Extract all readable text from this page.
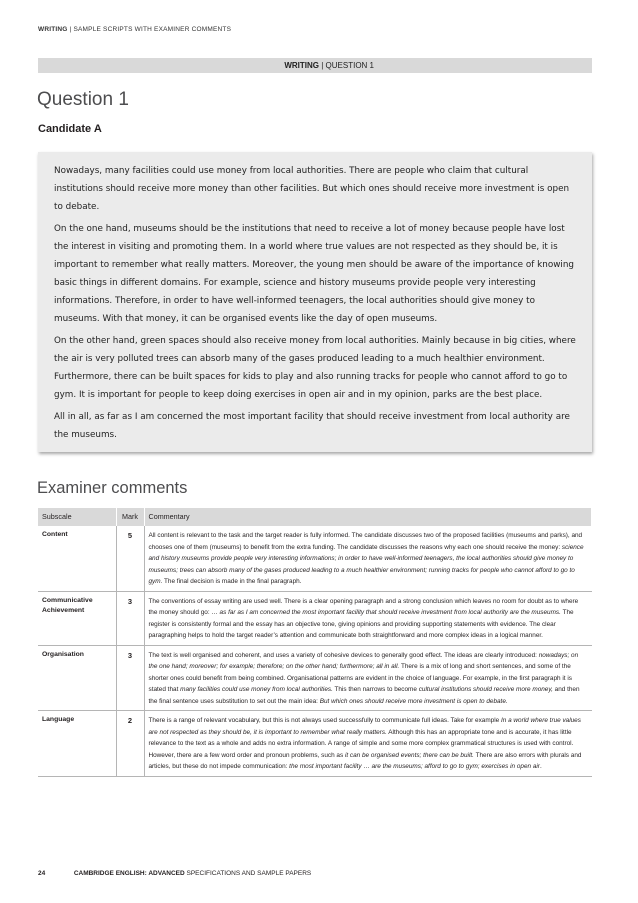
WRITING | SAMPLE SCRIPTS WITH EXAMINER COMMENTS
WRITING | QUESTION 1
Question 1
Candidate A

Nowadays, many facilities could use money from local authorities. There are people who claim that cultural institutions should receive more money than other facilities. But which ones should receive more investment is open to debate.

On the one hand, museums should be the institutions that need to receive a lot of money because people have lost the interest in visiting and promoting them. In a world where true values are not respected as they should be, it is important to remember what really matters. Moreover, the young men should be aware of the importance of knowing basic things in different domains. For example, science and history museums provide people very interesting informations. Therefore, in order to have well-informed teenagers, the local authorities should give money to museums. With that money, it can be organised events like the day of open museums.

On the other hand, green spaces should also receive money from local authorities. Mainly because in big cities, where the air is very polluted trees can absorb many of the gases produced leading to a much healthier environment. Furthermore, there can be built spaces for kids to play and also running tracks for people who cannot afford to go to gym. It is important for people to keep doing exercises in open air and in my opinion, parks are the best place.

All in all, as far as I am concerned the most important facility that should receive investment from local authority are the museums.

Examiner comments
Subscale	Mark	Commentary
Content	5	All content is relevant to the task and the target reader is fully informed. The candidate discusses two of the proposed facilities (museums and parks), and chooses one of them (museums) to benefit from the extra funding. The candidate discusses the reasons why each one should receive the money: science and history museums provide people very interesting informations; in order to have well-informed teenagers, the local authorities should give money to museums; trees can absorb many of the gases produced leading to a much healthier environment; running tracks for people who cannot afford to go to gym. The final decision is made in the final paragraph.
Communicative Achievement	3	The conventions of essay writing are used well. There is a clear opening paragraph and a strong conclusion which leaves no room for doubt as to where the money should go: … as far as I am concerned the most important facility that should receive investment from local authority are the museums. The register is consistently formal and the essay has an objective tone, giving opinions and providing supporting statements with evidence. The clear paragraphing helps to hold the target reader’s attention and communicate both straightforward and more complex ideas in a logical manner.
Organisation	3	The text is well organised and coherent, and uses a variety of cohesive devices to generally good effect. The ideas are clearly introduced: nowadays; on the one hand; moreover; for example; therefore; on the other hand; furthermore; all in all. There is a mix of long and short sentences, and some of the shorter ones could benefit from being combined. Organisational patterns are evident in the choice of language. For example, in the first paragraph it is stated that many facilities could use money from local authorities. This then narrows to become cultural institutions should receive more money, and then the final sentence uses substitution to set out the main idea: But which ones should receive more investment is open to debate.
Language	2	There is a range of relevant vocabulary, but this is not always used successfully to communicate full ideas. Take for example In a world where true values are not respected as they should be, it is important to remember what really matters. Although this has an appropriate tone and is accurate, it has little relevance to the text as a whole and adds no extra information. A range of simple and some more complex grammatical structures is used with control. However, there are a few word order and pronoun problems, such as it can be organised events; there can be built. There are also errors with plurals and articles, but these do not impede communication: the most important facility … are the museums; afford to go to gym; exercises in open air.
24	CAMBRIDGE ENGLISH: ADVANCED SPECIFICATIONS AND SAMPLE PAPERS
